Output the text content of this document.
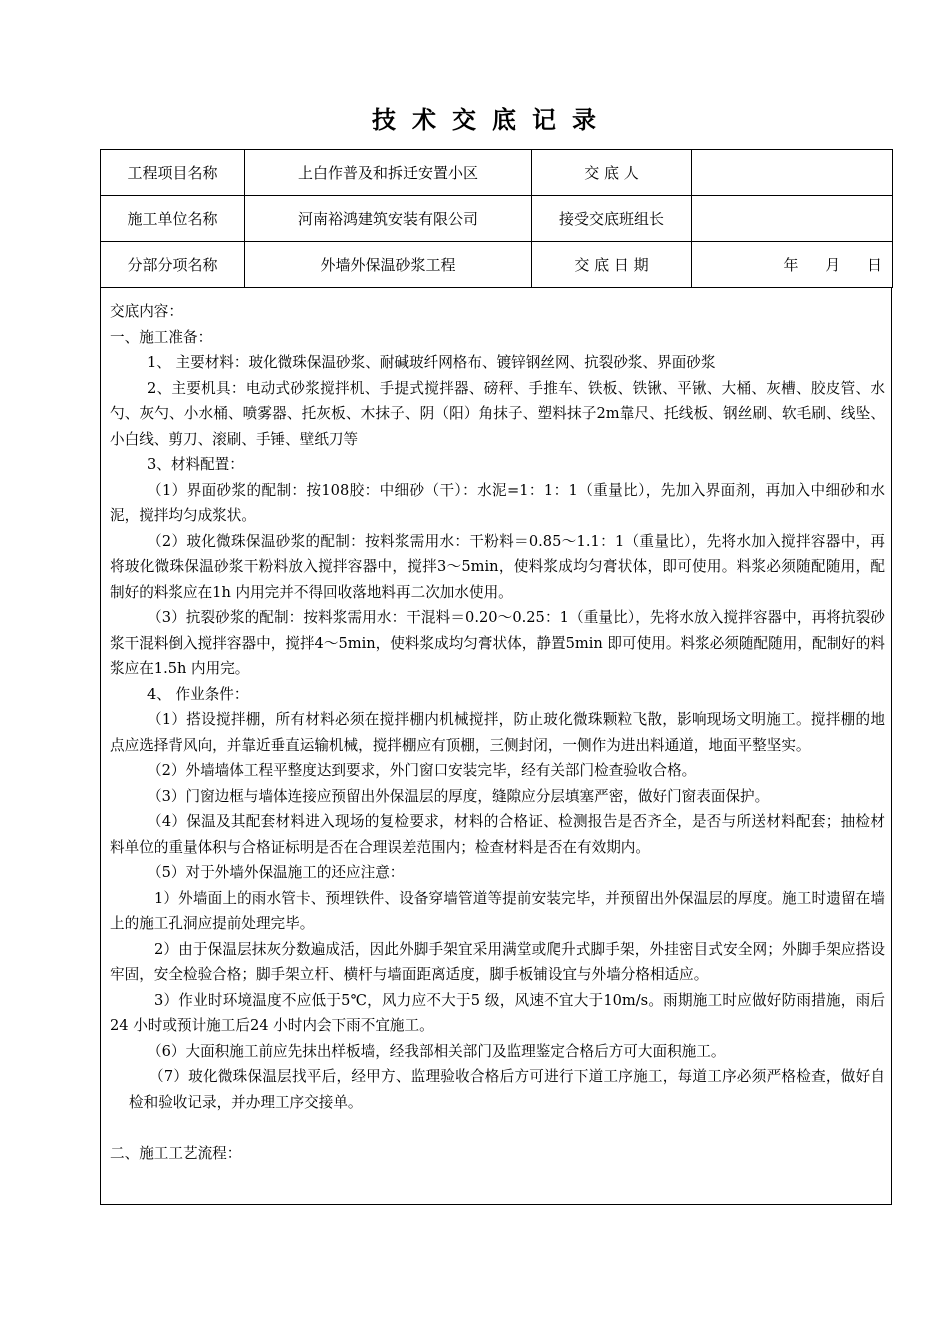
技术交底记录
工程项目名称	上白作普及和拆迁安置小区	交 底 人	
施工单位名称	河南裕鸿建筑安装有限公司	接受交底班组长	
分部分项名称	外墙外保温砂浆工程	交 底 日 期	年 月 日

交底内容：

一、施工准备：

1、 主要材料：玻化微珠保温砂浆、耐碱玻纤网格布、镀锌钢丝网、抗裂砂浆、界面砂浆

2、主要机具：电动式砂浆搅拌机、手提式搅拌器、磅秤、手推车、铁板、铁锹、平锹、大桶、灰槽、胶皮管、水勺、灰勺、小水桶、喷雾器、托灰板、木抹子、阴（阳）角抹子、塑料抹子2m靠尺、托线板、钢丝刷、软毛刷、线坠、小白线、剪刀、滚刷、手锤、壁纸刀等

3、材料配置：

（1）界面砂浆的配制：按108胶：中细砂（干）：水泥=1：1：1（重量比），先加入界面剂，再加入中细砂和水泥，搅拌均匀成浆状。

（2）玻化微珠保温砂浆的配制：按料浆需用水：干粉料＝0.85～1.1：1（重量比），先将水加入搅拌容器中，再将玻化微珠保温砂浆干粉料放入搅拌容器中，搅拌3～5min，使料浆成均匀膏状体，即可使用。料浆必须随配随用，配制好的料浆应在1h 内用完并不得回收落地料再二次加水使用。

（3）抗裂砂浆的配制：按料浆需用水：干混料＝0.20～0.25：1（重量比），先将水放入搅拌容器中，再将抗裂砂浆干混料倒入搅拌容器中，搅拌4～5min，使料浆成均匀膏状体，静置5min 即可使用。料浆必须随配随用，配制好的料浆应在1.5h 内用完。

4、 作业条件：

（1）搭设搅拌棚，所有材料必须在搅拌棚内机械搅拌，防止玻化微珠颗粒飞散，影响现场文明施工。搅拌棚的地点应选择背风向，并靠近垂直运输机械，搅拌棚应有顶棚，三侧封闭，一侧作为进出料通道，地面平整坚实。

（2）外墙墙体工程平整度达到要求，外门窗口安装完毕，经有关部门检查验收合格。

（3）门窗边框与墙体连接应预留出外保温层的厚度，缝隙应分层填塞严密，做好门窗表面保护。

（4）保温及其配套材料进入现场的复检要求，材料的合格证、检测报告是否齐全，是否与所送材料配套；抽检材料单位的重量体积与合格证标明是否在合理误差范围内；检查材料是否在有效期内。

（5）对于外墙外保温施工的还应注意：

1）外墙面上的雨水管卡、预埋铁件、设备穿墙管道等提前安装完毕，并预留出外保温层的厚度。施工时遗留在墙上的施工孔洞应提前处理完毕。

2）由于保温层抹灰分数遍成活，因此外脚手架宜采用满堂或爬升式脚手架，外挂密目式安全网；外脚手架应搭设牢固，安全检验合格；脚手架立杆、横杆与墙面距离适度，脚手板铺设宜与外墙分格相适应。

3）作业时环境温度不应低于5℃，风力应不大于5 级，风速不宜大于10m/s。雨期施工时应做好防雨措施，雨后24 小时或预计施工后24 小时内会下雨不宜施工。

（6）大面积施工前应先抹出样板墙，经我部相关部门及监理鉴定合格后方可大面积施工。

（7）玻化微珠保温层找平后，经甲方、监理验收合格后方可进行下道工序施工，每道工序必须严格检查，做好自检和验收记录，并办理工序交接单。

二、施工工艺流程：
